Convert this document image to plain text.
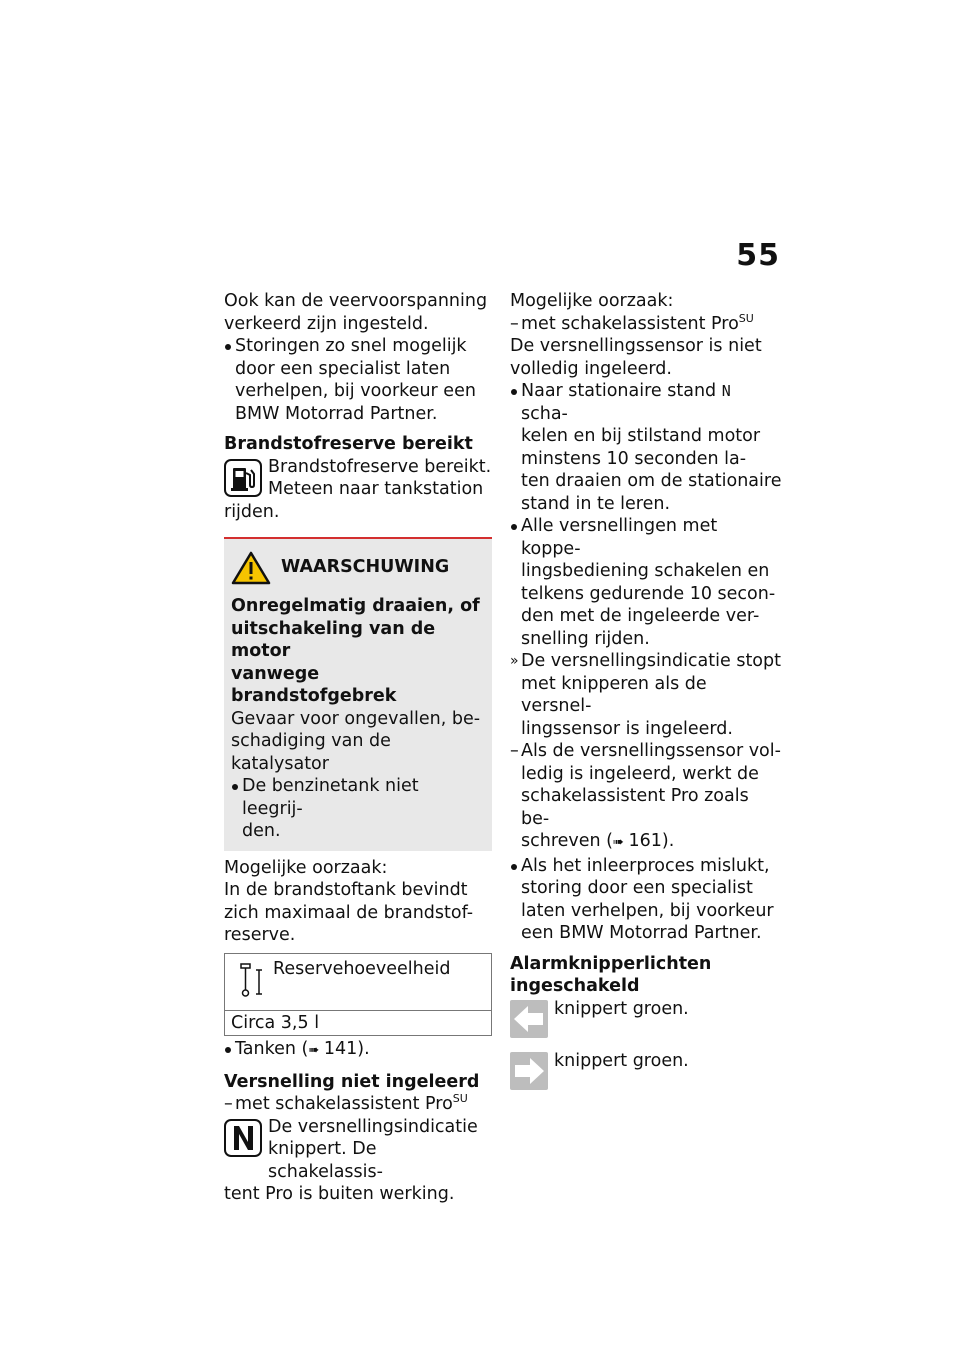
55

Ook kan de veervoorspanning
verkeerd zijn ingesteld.

Storingen zo snel mogelijk
door een specialist laten
verhelpen, bij voorkeur een
BMW Motorrad Partner.

Brandstofreserve bereikt

Brandstofreserve bereikt.
Meteen naar tankstation
rijden.
WAARSCHUWING

Onregelmatig draaien, of
uitschakeling van de motor
vanwege brandstofgebrek

Gevaar voor ongevallen, be-
schadiging van de katalysator

De benzinetank niet leegrij-
den.

Mogelijke oorzaak:
In de brandstoftank bevindt
zich maximaal de brandstof-
reserve.

Reservehoeveelheid
Circa 3,5 l

Tanken (➠ 141).

Versnelling niet ingeleerd

– met schakelassistent Pro$^{SU}$

De versnellingsindicatie
knippert. De schakelassis-
tent Pro is buiten werking.

Mogelijke oorzaak:

– met schakelassistent Pro$^{SU}$

De versnellingssensor is niet
volledig ingeleerd.

Naar stationaire stand N scha-
kelen en bij stilstand motor
minstens 10 seconden la-
ten draaien om de stationaire
stand in te leren.

Alle versnellingen met koppe-
lingsbediening schakelen en
telkens gedurende 10 secon-
den met de ingeleerde ver-
snelling rijden.

» De versnellingsindicatie stopt
met knipperen als de versnel-
lingssensor is ingeleerd.

– Als de versnellingssensor vol-
ledig is ingeleerd, werkt de
schakelassistent Pro zoals be-
schreven (➠ 161).

Als het inleerproces mislukt,
storing door een specialist
laten verhelpen, bij voorkeur
een BMW Motorrad Partner.

Alarmknipperlichten
ingeschakeld

knippert groen.
knippert groen.
